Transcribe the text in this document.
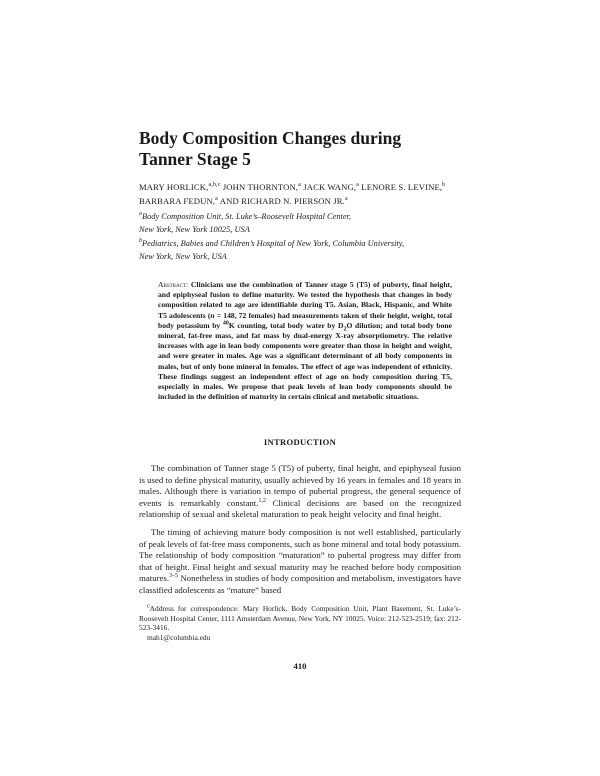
Body Composition Changes during
Tanner Stage 5
MARY HORLICK,$^{a,b,c}$ JOHN THORNTON,$^a$ JACK WANG,$^a$ LENORE S. LEVINE,$^b$
BARBARA FEDUN,$^a$ AND RICHARD N. PIERSON JR.$^a$
$^a$Body Composition Unit, St. Luke’s–Roosevelt Hospital Center,
New York, New York 10025, USA
$^b$Pediatrics, Babies and Children’s Hospital of New York, Columbia University,
New York, New York, USA
Abstract: Clinicians use the combination of Tanner stage 5 (T5) of puberty, final height, and epiphyseal fusion to define maturity. We tested the hypothesis that changes in body composition related to age are identifiable during T5. Asian, Black, Hispanic, and White T5 adolescents (n = 148, 72 females) had measurements taken of their height, weight, total body potassium by $^{40}$K counting, total body water by $D_2O$ dilution; and total body bone mineral, fat-free mass, and fat mass by dual-energy X-ray absorptiometry. The relative increases with age in lean body components were greater than those in height and weight, and were greater in males. Age was a significant determinant of all body components in males, but of only bone mineral in females. The effect of age was independent of ethnicity. These findings suggest an independent effect of age on body composition during T5, especially in males. We propose that peak levels of lean body components should be included in the definition of maturity in certain clinical and metabolic situations.
INTRODUCTION
The combination of Tanner stage 5 (T5) of puberty, final height, and epiphyseal fusion is used to define physical maturity, usually achieved by 16 years in females and 18 years in males. Although there is variation in tempo of pubertal progress, the general sequence of events is remarkably constant.$^{1,2}$ Clinical decisions are based on the recognized relationship of sexual and skeletal maturation to peak height velocity and final height.
The timing of achieving mature body composition is not well established, particularly of peak levels of fat-free mass components, such as bone mineral and total body potassium. The relationship of body composition “maturation” to pubertal progress may differ from that of height. Final height and sexual maturity may be reached before body composition matures.$^{3-5}$ Nonetheless in studies of body composition and metabolism, investigators have classified adolescents as “mature” based
$^c$Address for correspondence: Mary Horlick, Body Composition Unit, Plant Basement, St. Luke’s-Roosevelt Hospital Center, 1111 Amsterdam Avenue, New York, NY 10025. Voice: 212-523-2519; fax: 212-523-3416.
mah1@columbia.edu
410
